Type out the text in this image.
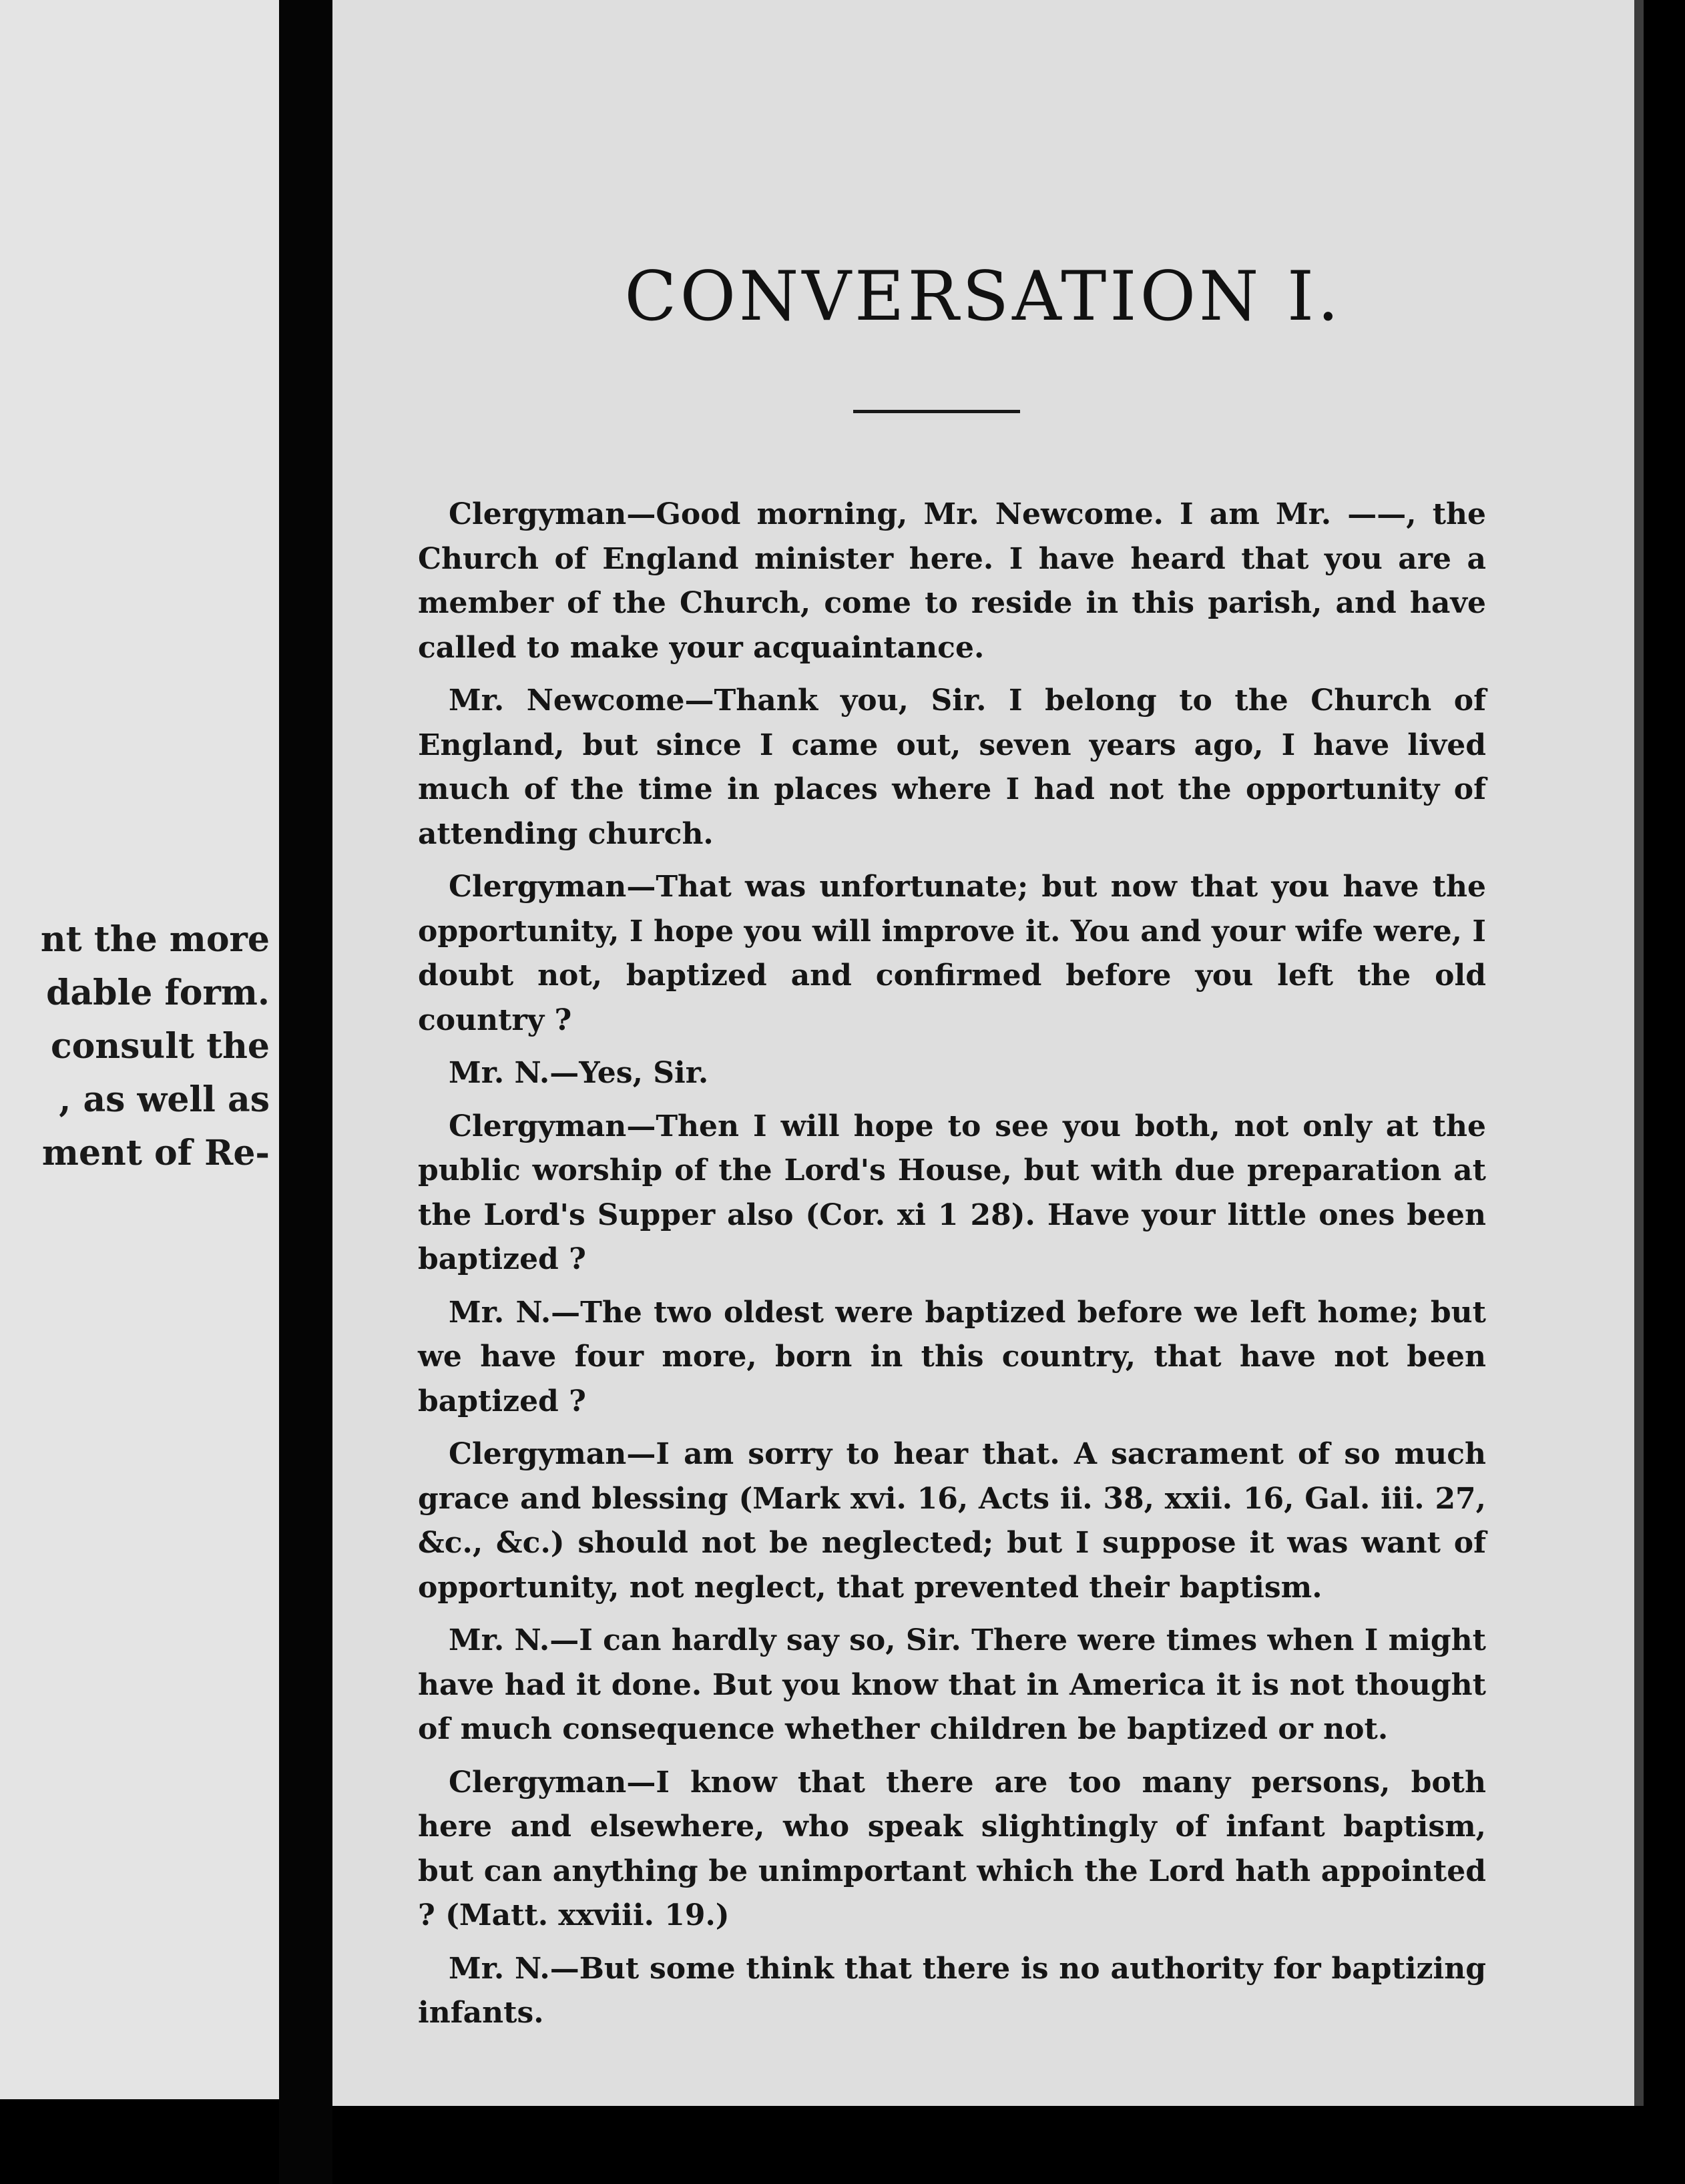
nt the more
dable form.
consult the
, as well as
ment of Re-
CONVERSATION I.

Clergyman—Good morning, Mr. Newcome. I am Mr. ——, the Church of England minister here. I have heard that you are a member of the Church, come to reside in this parish, and have called to make your acquaintance.

Mr. Newcome—Thank you, Sir. I belong to the Church of England, but since I came out, seven years ago, I have lived much of the time in places where I had not the opportunity of attending church.

Clergyman—That was unfortunate; but now that you have the opportunity, I hope you will improve it. You and your wife were, I doubt not, baptized and confirmed before you left the old country ?

Mr. N.—Yes, Sir.

Clergyman—Then I will hope to see you both, not only at the public worship of the Lord's House, but with due preparation at the Lord's Supper also (Cor. xi 1 28). Have your little ones been baptized ?

Mr. N.—The two oldest were baptized before we left home; but we have four more, born in this country, that have not been baptized ?

Clergyman—I am sorry to hear that. A sacrament of so much grace and blessing (Mark xvi. 16, Acts ii. 38, xxii. 16, Gal. iii. 27, &c., &c.) should not be neglected; but I suppose it was want of opportunity, not neglect, that prevented their baptism.

Mr. N.—I can hardly say so, Sir. There were times when I might have had it done. But you know that in America it is not thought of much consequence whether children be baptized or not.

Clergyman—I know that there are too many persons, both here and elsewhere, who speak slightingly of infant baptism, but can anything be unimportant which the Lord hath appointed ? (Matt. xxviii. 19.)

Mr. N.—But some think that there is no authority for baptizing infants.
